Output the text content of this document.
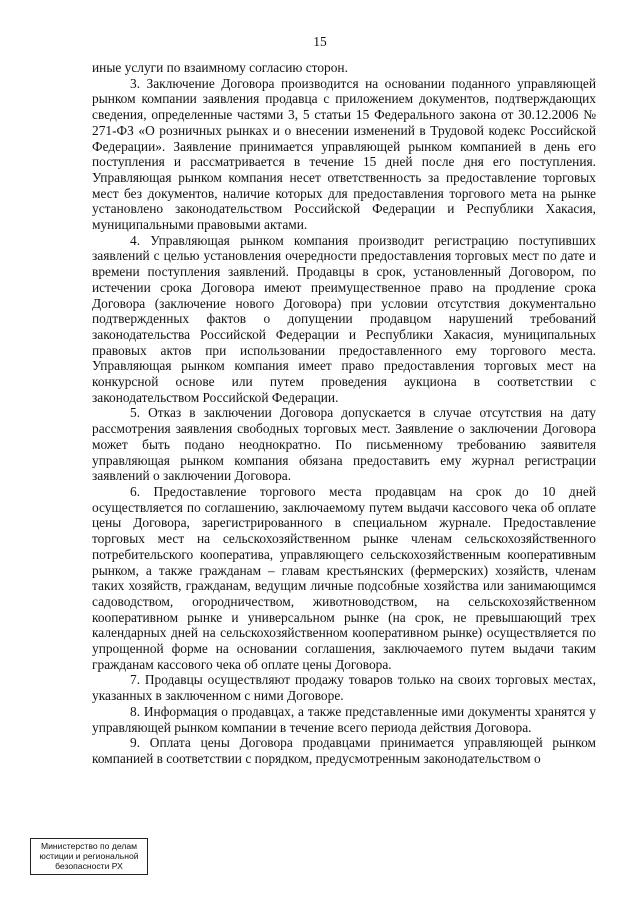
15

иные услуги по взаимному согласию сторон.

3. Заключение Договора производится на основании поданного управляющей рынком компании заявления продавца с приложением документов, подтверждающих сведения, определенные частями 3, 5 статьи 15 Федерального закона от 30.12.2006 № 271-ФЗ «О розничных рынках и о внесении изменений в Трудовой кодекс Российской Федерации». Заявление принимается управляющей рынком компанией в день его поступления и рассматривается в течение 15 дней после дня его поступления. Управляющая рынком компания несет ответственность за предоставление торговых мест без документов, наличие которых для предоставления торгового мета на рынке установлено законодательством Российской Федерации и Республики Хакасия, муниципальными правовыми актами.

4. Управляющая рынком компания производит регистрацию поступивших заявлений с целью установления очередности предоставления торговых мест по дате и времени поступления заявлений. Продавцы в срок, установленный Договором, по истечении срока Договора имеют преимущественное право на продление срока Договора (заключение нового Договора) при условии отсутствия документально подтвержденных фактов о допущении продавцом нарушений требований законодательства Российской Федерации и Республики Хакасия, муниципальных правовых актов при использовании предоставленного ему торгового места. Управляющая рынком компания имеет право предоставления торговых мест на конкурсной основе или путем проведения аукциона в соответствии с законодательством Российской Федерации.

5. Отказ в заключении Договора допускается в случае отсутствия на дату рассмотрения заявления свободных торговых мест. Заявление о заключении Договора может быть подано неоднократно. По письменному требованию заявителя управляющая рынком компания обязана предоставить ему журнал регистрации заявлений о заключении Договора.

6. Предоставление торгового места продавцам на срок до 10 дней осуществляется по соглашению, заключаемому путем выдачи кассового чека об оплате цены Договора, зарегистрированного в специальном журнале. Предоставление торговых мест на сельскохозяйственном рынке членам сельскохозяйственного потребительского кооператива, управляющего сельскохозяйственным кооперативным рынком, а также гражданам – главам крестьянских (фермерских) хозяйств, членам таких хозяйств, гражданам, ведущим личные подсобные хозяйства или занимающимся садоводством, огородничеством, животноводством, на сельскохозяйственном кооперативном рынке и универсальном рынке (на срок, не превышающий трех календарных дней на сельскохозяйственном кооперативном рынке) осуществляется по упрощенной форме на основании соглашения, заключаемого путем выдачи таким гражданам кассового чека об оплате цены Договора.

7. Продавцы осуществляют продажу товаров только на своих торговых местах, указанных в заключенном с ними Договоре.

8. Информация о продавцах, а также представленные ими документы хранятся у управляющей рынком компании в течение всего периода действия Договора.

9. Оплата цены Договора продавцами принимается управляющей рынком компанией в соответствии с порядком, предусмотренным законодательством о

Министерство по делам
юстиции и региональной
безопасности РХ
